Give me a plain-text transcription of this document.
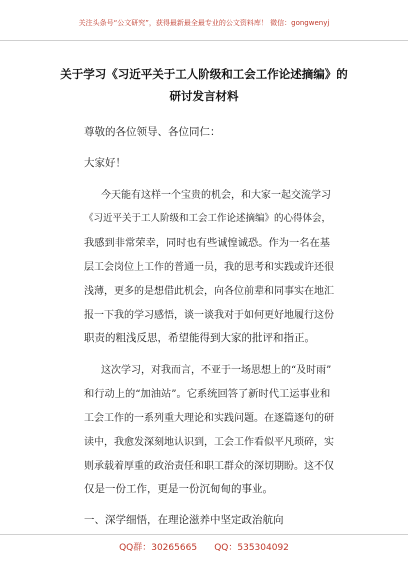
关注头条号“公文研究”，获得最新最全最专业的公文资料库！ 微信：gongwenyj
关于学习《习近平关于工人阶级和工会工作论述摘编》的
研讨发言材料
尊敬的各位领导、各位同仁：
大家好！
今天能有这样一个宝贵的机会，和大家一起交流学习
《习近平关于工人阶级和工会工作论述摘编》的心得体会，
我感到非常荣幸，同时也有些诚惶诚恐。作为一名在基
层工会岗位上工作的普通一员，我的思考和实践或许还很
浅薄，更多的是想借此机会，向各位前辈和同事实在地汇
报一下我的学习感悟，谈一谈我对于如何更好地履行这份
职责的粗浅反思，希望能得到大家的批评和指正。
这次学习，对我而言，不亚于一场思想上的“及时雨”
和行动上的“加油站”。它系统回答了新时代工运事业和
工会工作的一系列重大理论和实践问题。在逐篇逐句的研
读中，我愈发深刻地认识到，工会工作看似平凡琐碎，实
则承载着厚重的政治责任和职工群众的深切期盼。这不仅
仅是一份工作，更是一份沉甸甸的事业。
一、深学细悟，在理论滋养中坚定政治航向
QQ群：30265665      QQ：535304092
